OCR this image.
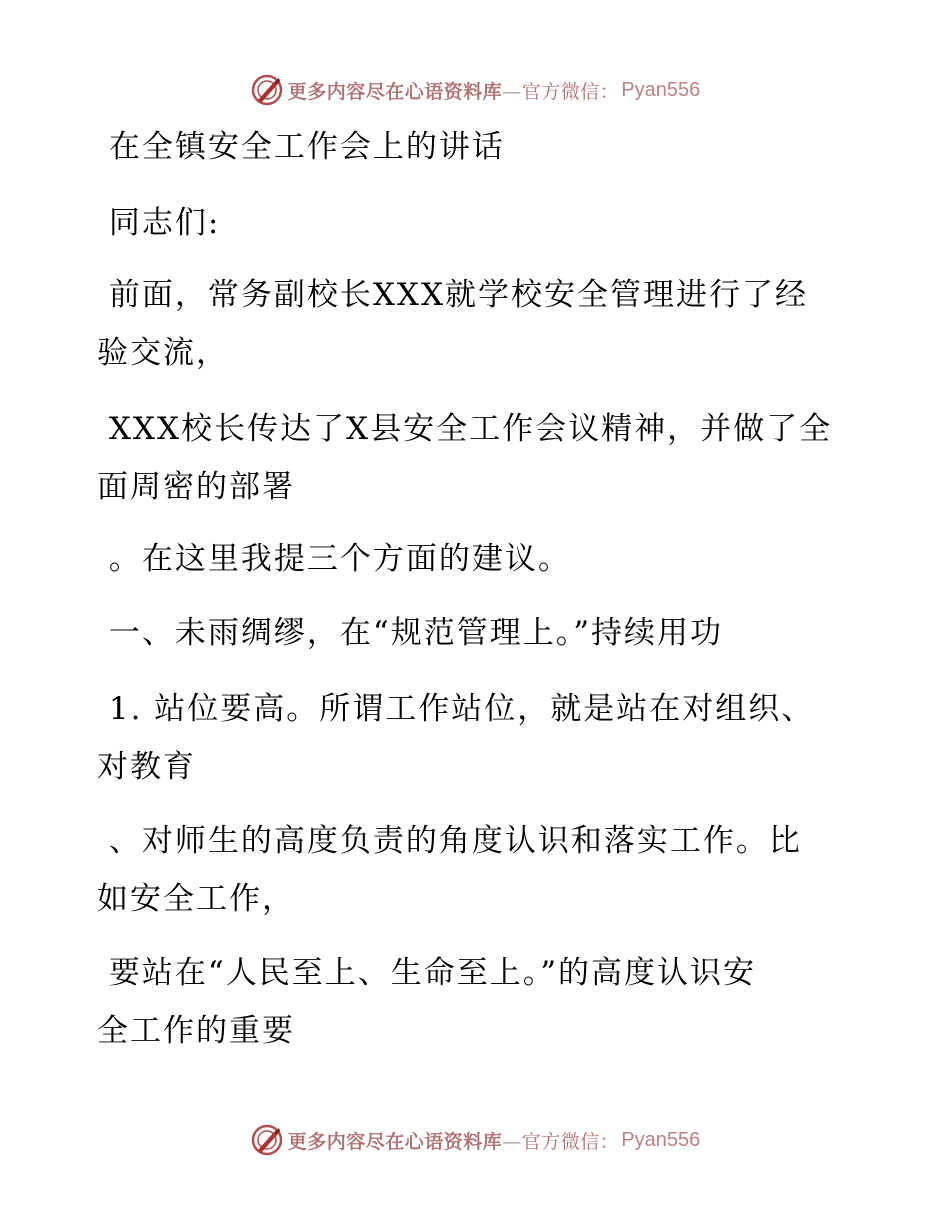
更多内容尽在心语资料库—官方微信： Pyan556
在全镇安全工作会上的讲话
同志们:
前面，常务副校长XXX就学校安全管理进行了经
验交流，
XXX校长传达了X县安全工作会议精神，并做了全
面周密的部署
。在这里我提三个方面的建议。
一、未雨绸缪，在“规范管理上。”持续用功
1. 站位要高。所谓工作站位，就是站在对组织、
对教育
、对师生的高度负责的角度认识和落实工作。比
如安全工作，
要站在“人民至上、生命至上。”的高度认识安
全工作的重要
更多内容尽在心语资料库—官方微信： Pyan556
